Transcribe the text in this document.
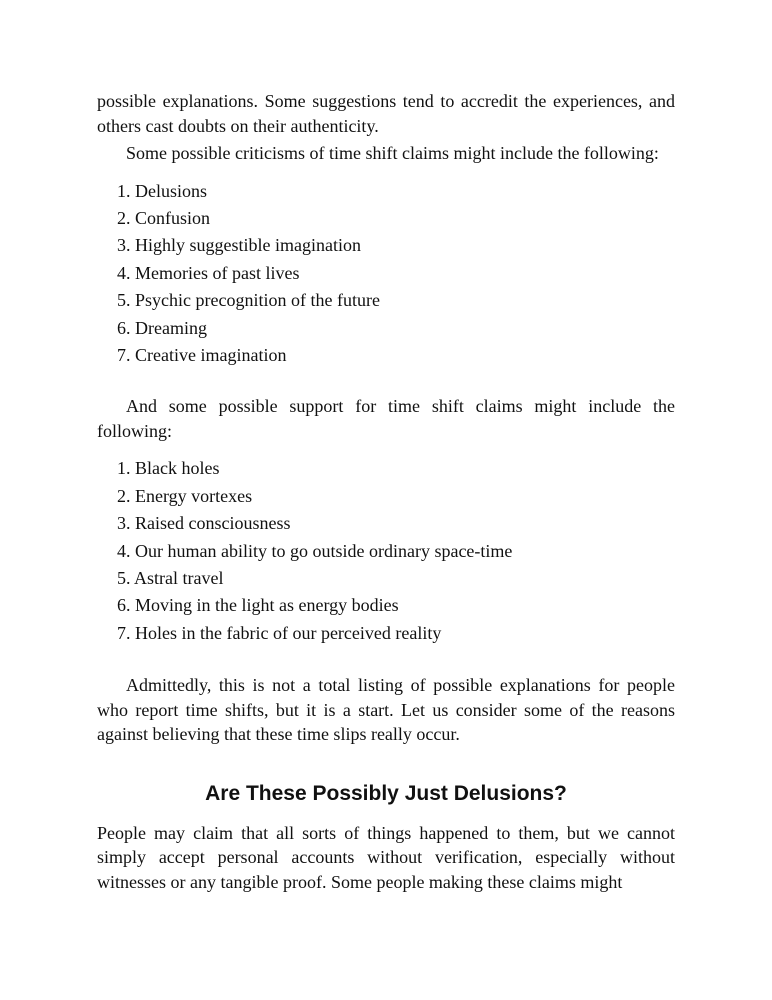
possible explanations. Some suggestions tend to accredit the experiences, and others cast doubts on their authenticity.

Some possible criticisms of time shift claims might include the following:

1. Delusions
2. Confusion
3. Highly suggestible imagination
4. Memories of past lives
5. Psychic precognition of the future
6. Dreaming
7. Creative imagination

And some possible support for time shift claims might include the following:

1. Black holes
2. Energy vortexes
3. Raised consciousness
4. Our human ability to go outside ordinary space-time
5. Astral travel
6. Moving in the light as energy bodies
7. Holes in the fabric of our perceived reality

Admittedly, this is not a total listing of possible explanations for people who report time shifts, but it is a start. Let us consider some of the reasons against believing that these time slips really occur.

Are These Possibly Just Delusions?

People may claim that all sorts of things happened to them, but we cannot simply accept personal accounts without verification, especially without witnesses or any tangible proof. Some people making these claims might
